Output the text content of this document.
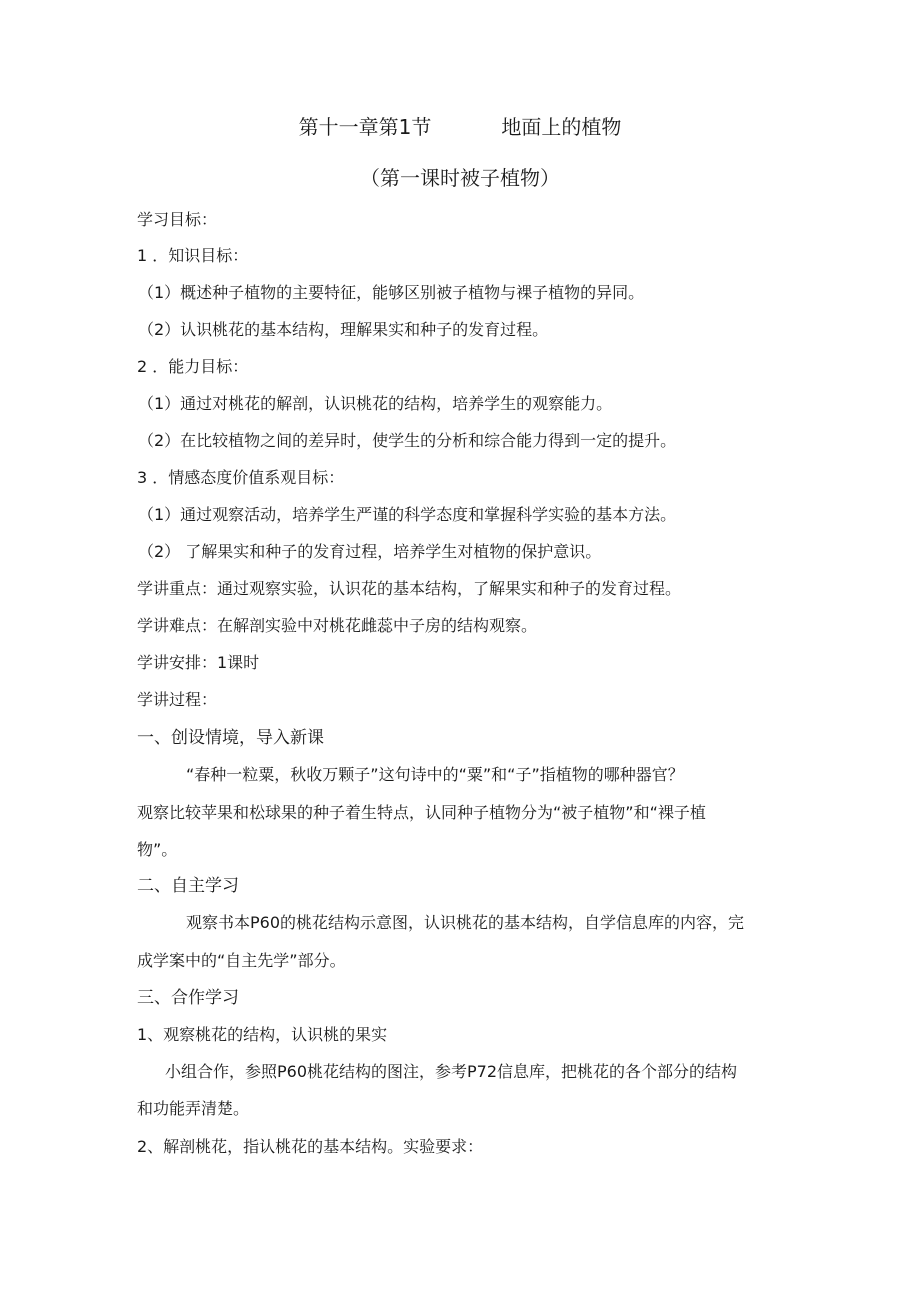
第十一章第1节	地面上的植物
（第一课时被子植物）
学习目标：
1 ．知识目标：
（1）概述种子植物的主要特征，能够区别被子植物与裸子植物的异同。
（2）认识桃花的基本结构，理解果实和种子的发育过程。
2 ．能力目标：
（1）通过对桃花的解剖，认识桃花的结构，培养学生的观察能力。
（2）在比较植物之间的差异时，使学生的分析和综合能力得到一定的提升。
3 ．情感态度价值系观目标：
（1）通过观察活动，培养学生严谨的科学态度和掌握科学实验的基本方法。
（2） 了解果实和种子的发育过程，培养学生对植物的保护意识。
学讲重点：通过观察实验，认识花的基本结构，了解果实和种子的发育过程。
学讲难点：在解剖实验中对桃花雌蕊中子房的结构观察。
学讲安排：1课时
学讲过程：
一、创设情境，导入新课
“春种一粒粟，秋收万颗子”这句诗中的“粟”和“子”指植物的哪种器官？
观察比较苹果和松球果的种子着生特点，认同种子植物分为“被子植物”和“裸子植
物”。
二、自主学习
观察书本P60的桃花结构示意图，认识桃花的基本结构，自学信息库的内容，完
成学案中的“自主先学”部分。
三、合作学习
1、观察桃花的结构，认识桃的果实
小组合作，参照P60桃花结构的图注，参考P72信息库，把桃花的各个部分的结构
和功能弄清楚。
2、解剖桃花，指认桃花的基本结构。实验要求：
